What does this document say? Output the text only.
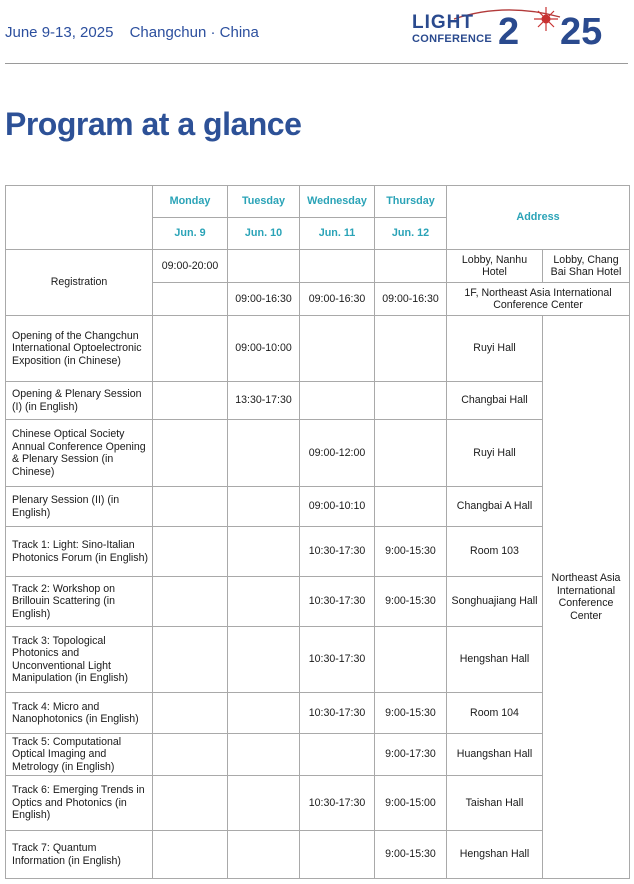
June 9-13, 2025 Changchun · China	LIGHT
CONFERENCE 2 25
Program at a glance
	Monday	Tuesday	Wednesday	Thursday	Address	
	Jun. 9	Jun. 10	Jun. 11	Jun. 12		
Registration	09:00-20:00				Lobby, Nanhu Hotel	Lobby, Chang Bai Shan Hotel
		09:00-16:30	09:00-16:30	09:00-16:30	1F, Northeast Asia International Conference Center	
Opening of the Changchun International Optoelectronic Exposition (in Chinese)		09:00-10:00			Ruyi Hall	Northeast Asia International Conference Center
Opening & Plenary Session (I) (in English)		13:30-17:30			Changbai Hall	
Chinese Optical Society Annual Conference Opening & Plenary Session (in Chinese)			09:00-12:00		Ruyi Hall	
Plenary Session (II) (in English)			09:00-10:10		Changbai A Hall	
Track 1: Light: Sino-Italian Photonics Forum (in English)			10:30-17:30	9:00-15:30	Room 103	
Track 2: Workshop on Brillouin Scattering (in English)			10:30-17:30	9:00-15:30	Songhuajiang Hall	
Track 3: Topological Photonics and Unconventional Light Manipulation (in English)			10:30-17:30		Hengshan Hall	
Track 4: Micro and Nanophotonics (in English)			10:30-17:30	9:00-15:30	Room 104	
Track 5: Computational Optical Imaging and Metrology (in English)				9:00-17:30	Huangshan Hall	
Track 6: Emerging Trends in Optics and Photonics (in English)			10:30-17:30	9:00-15:00	Taishan Hall	
Track 7: Quantum Information (in English)				9:00-15:30	Hengshan Hall	
